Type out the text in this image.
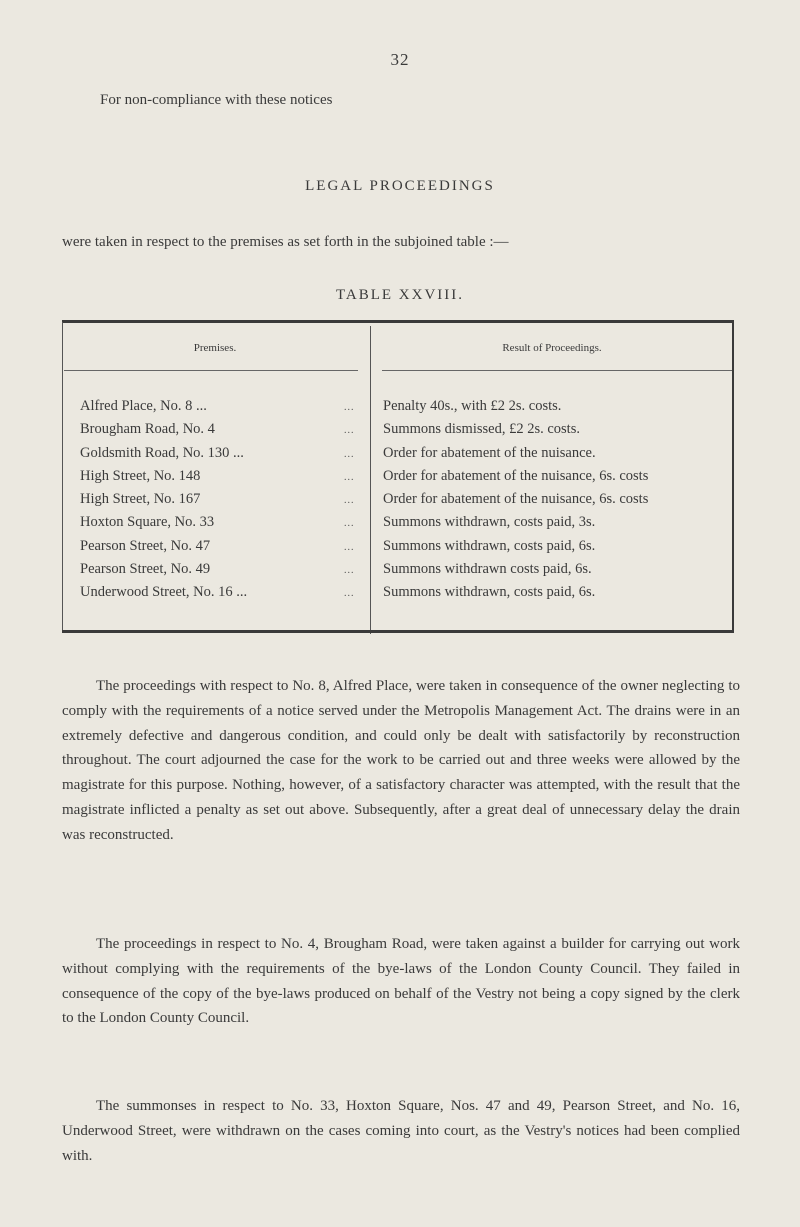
32
For non-compliance with these notices
LEGAL PROCEEDINGS
were taken in respect to the premises as set forth in the subjoined table :—
TABLE XXVIII.
Premises.	Result of Proceedings.
Alfred Place, No. 8 ...	... Penalty 40s., with £2 2s. costs.
Brougham Road, No. 4	... Summons dismissed, £2 2s. costs.
Goldsmith Road, No. 130 ...	... Order for abatement of the nuisance.
High Street, No. 148	... Order for abatement of the nuisance, 6s. costs
High Street, No. 167	... Order for abatement of the nuisance, 6s. costs
Hoxton Square, No. 33	... Summons withdrawn, costs paid, 3s.
Pearson Street, No. 47	... Summons withdrawn, costs paid, 6s.
Pearson Street, No. 49	... Summons withdrawn costs paid, 6s.
Underwood Street, No. 16 ...	... Summons withdrawn, costs paid, 6s.

The proceedings with respect to No. 8, Alfred Place, were taken in consequence of the owner neglecting to comply with the requirements of a notice served under the Metropolis Management Act. The drains were in an extremely defective and dangerous condition, and could only be dealt with satisfactorily by reconstruction throughout. The court adjourned the case for the work to be carried out and three weeks were allowed by the magistrate for this purpose. Nothing, however, of a satisfactory character was attempted, with the result that the magistrate inflicted a penalty as set out above. Subsequently, after a great deal of unnecessary delay the drain was reconstructed.

The proceedings in respect to No. 4, Brougham Road, were taken against a builder for carrying out work without complying with the requirements of the bye-laws of the London County Council. They failed in consequence of the copy of the bye-laws produced on behalf of the Vestry not being a copy signed by the clerk to the London County Council.

The summonses in respect to No. 33, Hoxton Square, Nos. 47 and 49, Pearson Street, and No. 16, Underwood Street, were withdrawn on the cases coming into court, as the Vestry's notices had been complied with.
